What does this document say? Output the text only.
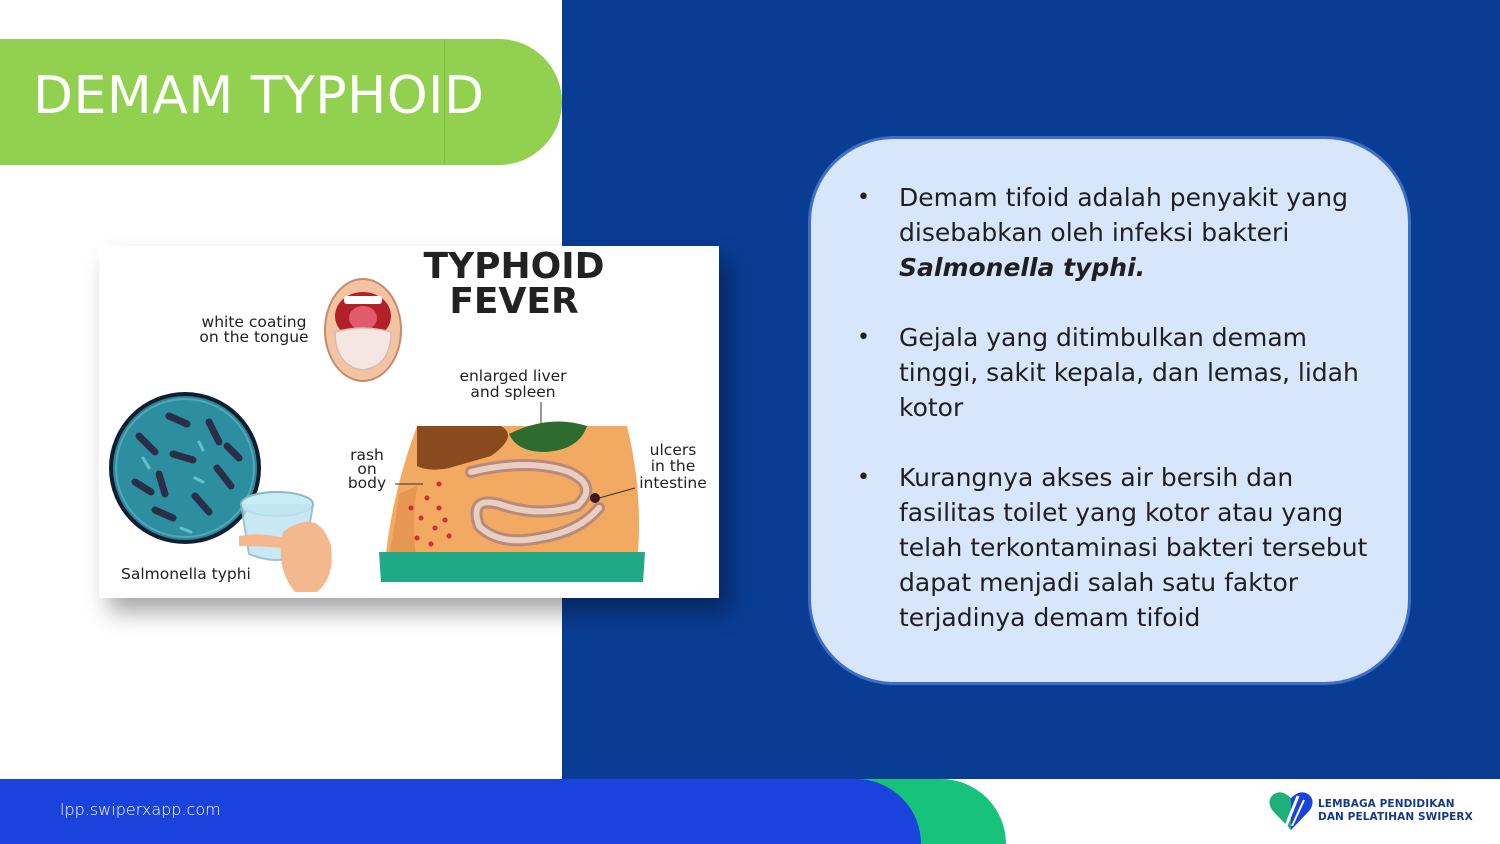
DEMAM TYPHOID
TYPHOID
FEVER
white coating
on the tongue
enlarged liver
and spleen
rash
on
body
ulcers
in the
intestine
Salmonella typhi
• Demam tifoid adalah penyakit yang disebabkan oleh infeksi bakteri Salmonella typhi.
• Gejala yang ditimbulkan demam tinggi, sakit kepala, dan lemas, lidah kotor
• Kurangnya akses air bersih dan fasilitas toilet yang kotor atau yang telah terkontaminasi bakteri tersebut dapat menjadi salah satu faktor terjadinya demam tifoid
lpp.swiperxapp.com	LEMBAGA PENDIDIKAN
DAN PELATIHAN SWIPERX
